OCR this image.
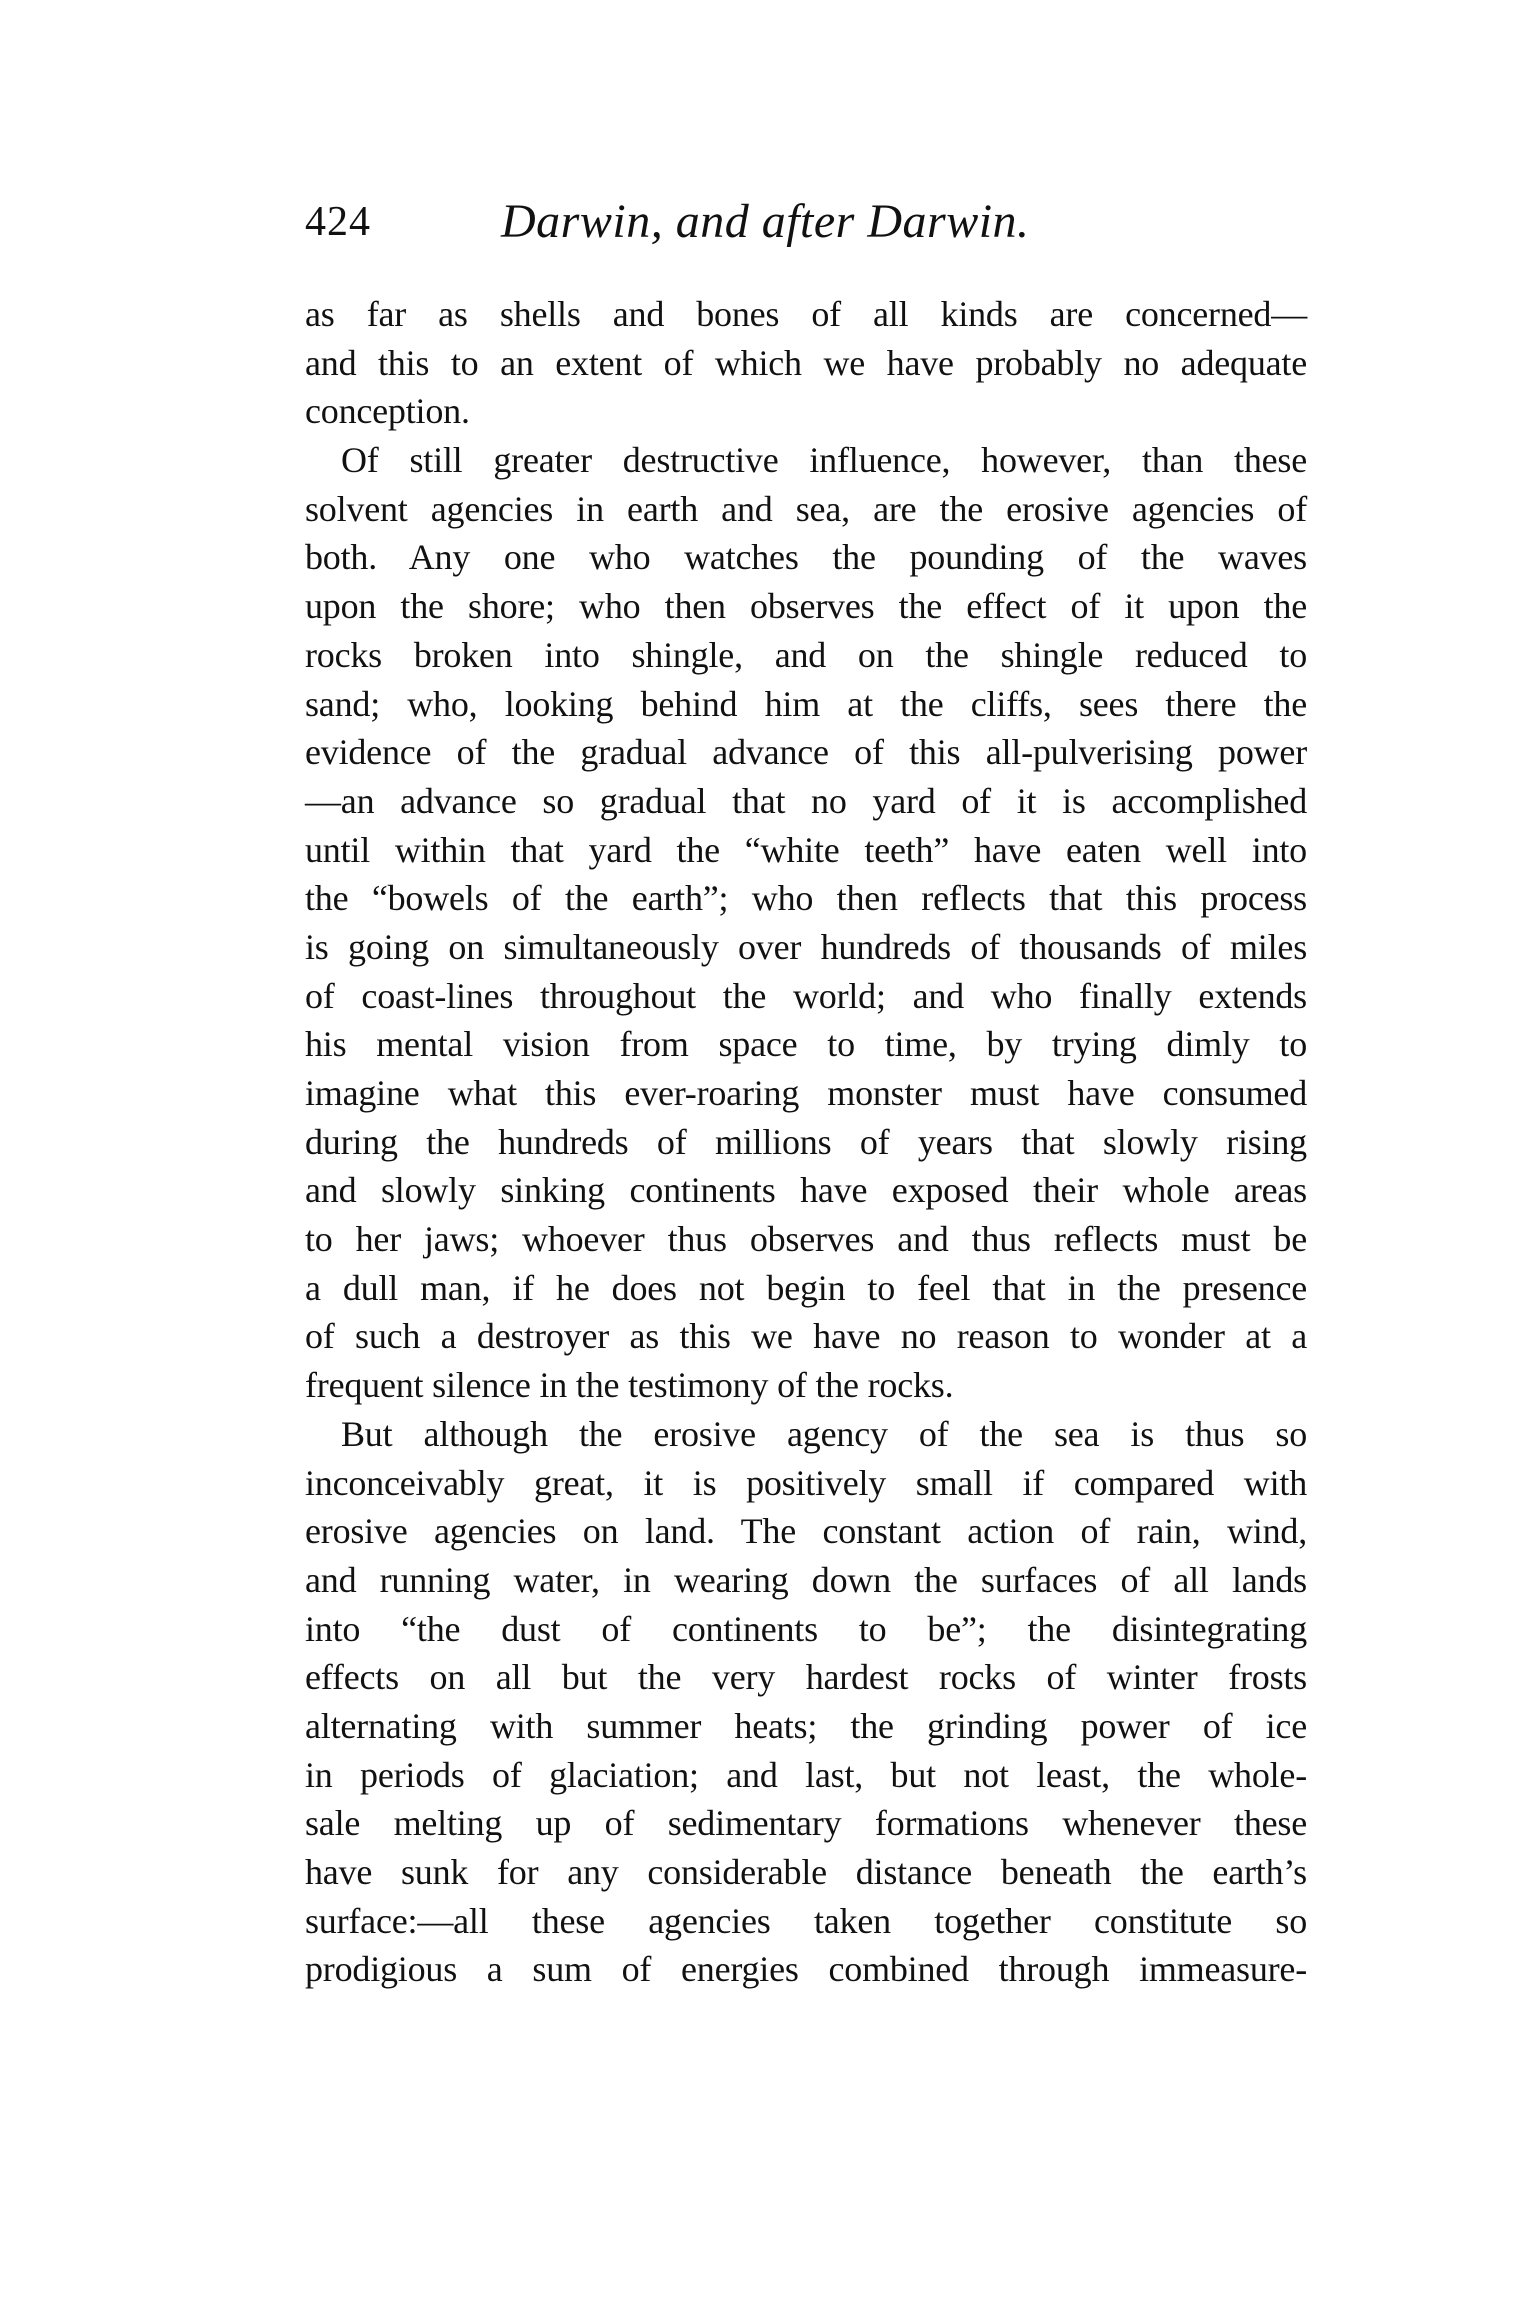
424	Darwin, and after Darwin.
as far as shells and bones of all kinds are concerned—
and this to an extent of which we have probably no adequate
conception.
Of still greater destructive influence, however, than these
solvent agencies in earth and sea, are the erosive agencies of
both. Any one who watches the pounding of the waves
upon the shore; who then observes the effect of it upon the
rocks broken into shingle, and on the shingle reduced to
sand; who, looking behind him at the cliffs, sees there the
evidence of the gradual advance of this all-pulverising power
—an advance so gradual that no yard of it is accomplished
until within that yard the “white teeth” have eaten well into
the “bowels of the earth”; who then reflects that this process
is going on simultaneously over hundreds of thousands of miles
of coast-lines throughout the world; and who finally extends
his mental vision from space to time, by trying dimly to
imagine what this ever-roaring monster must have consumed
during the hundreds of millions of years that slowly rising
and slowly sinking continents have exposed their whole areas
to her jaws; whoever thus observes and thus reflects must be
a dull man, if he does not begin to feel that in the presence
of such a destroyer as this we have no reason to wonder at a
frequent silence in the testimony of the rocks.
But although the erosive agency of the sea is thus so
inconceivably great, it is positively small if compared with
erosive agencies on land. The constant action of rain, wind,
and running water, in wearing down the surfaces of all lands
into “the dust of continents to be”; the disintegrating
effects on all but the very hardest rocks of winter frosts
alternating with summer heats; the grinding power of ice
in periods of glaciation; and last, but not least, the whole-
sale melting up of sedimentary formations whenever these
have sunk for any considerable distance beneath the earth’s
surface:—all these agencies taken together constitute so
prodigious a sum of energies combined through immeasure-
